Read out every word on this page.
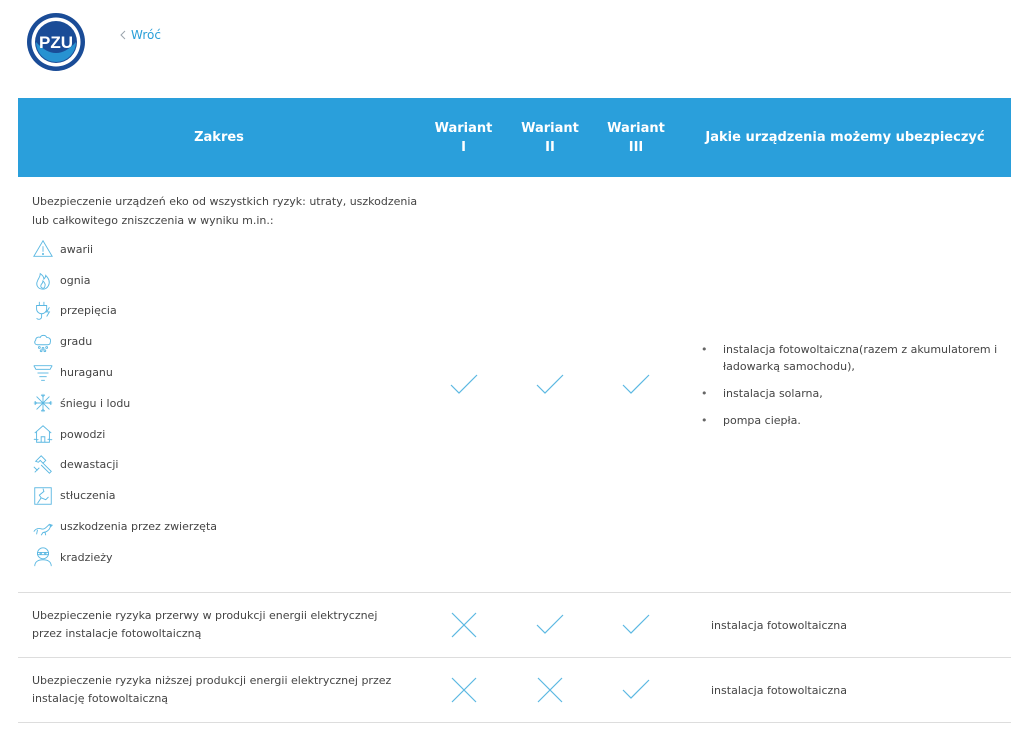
PZU	Wróć
Zakres
Wariant
I
Wariant
II
Wariant
III
Jakie urządzenia możemy ubezpieczyć
Ubezpieczenie urządzeń eko od wszystkich ryzyk: utraty, uszkodzenia lub całkowitego zniszczenia w wyniku m.in.:
awarii
ognia
przepięcia
gradu
huraganu
śniegu i lodu
powodzi
dewastacji
stłuczenia
uszkodzenia przez zwierzęta
kradzieży
• instalacja fotowoltaiczna(razem z akumulatorem i ładowarką samochodu),
• instalacja solarna,
• pompa ciepła.
Ubezpieczenie ryzyka przerwy w produkcji energii elektrycznej przez instalacje fotowoltaiczną
instalacja fotowoltaiczna
Ubezpieczenie ryzyka niższej produkcji energii elektrycznej przez instalację fotowoltaiczną
instalacja fotowoltaiczna
